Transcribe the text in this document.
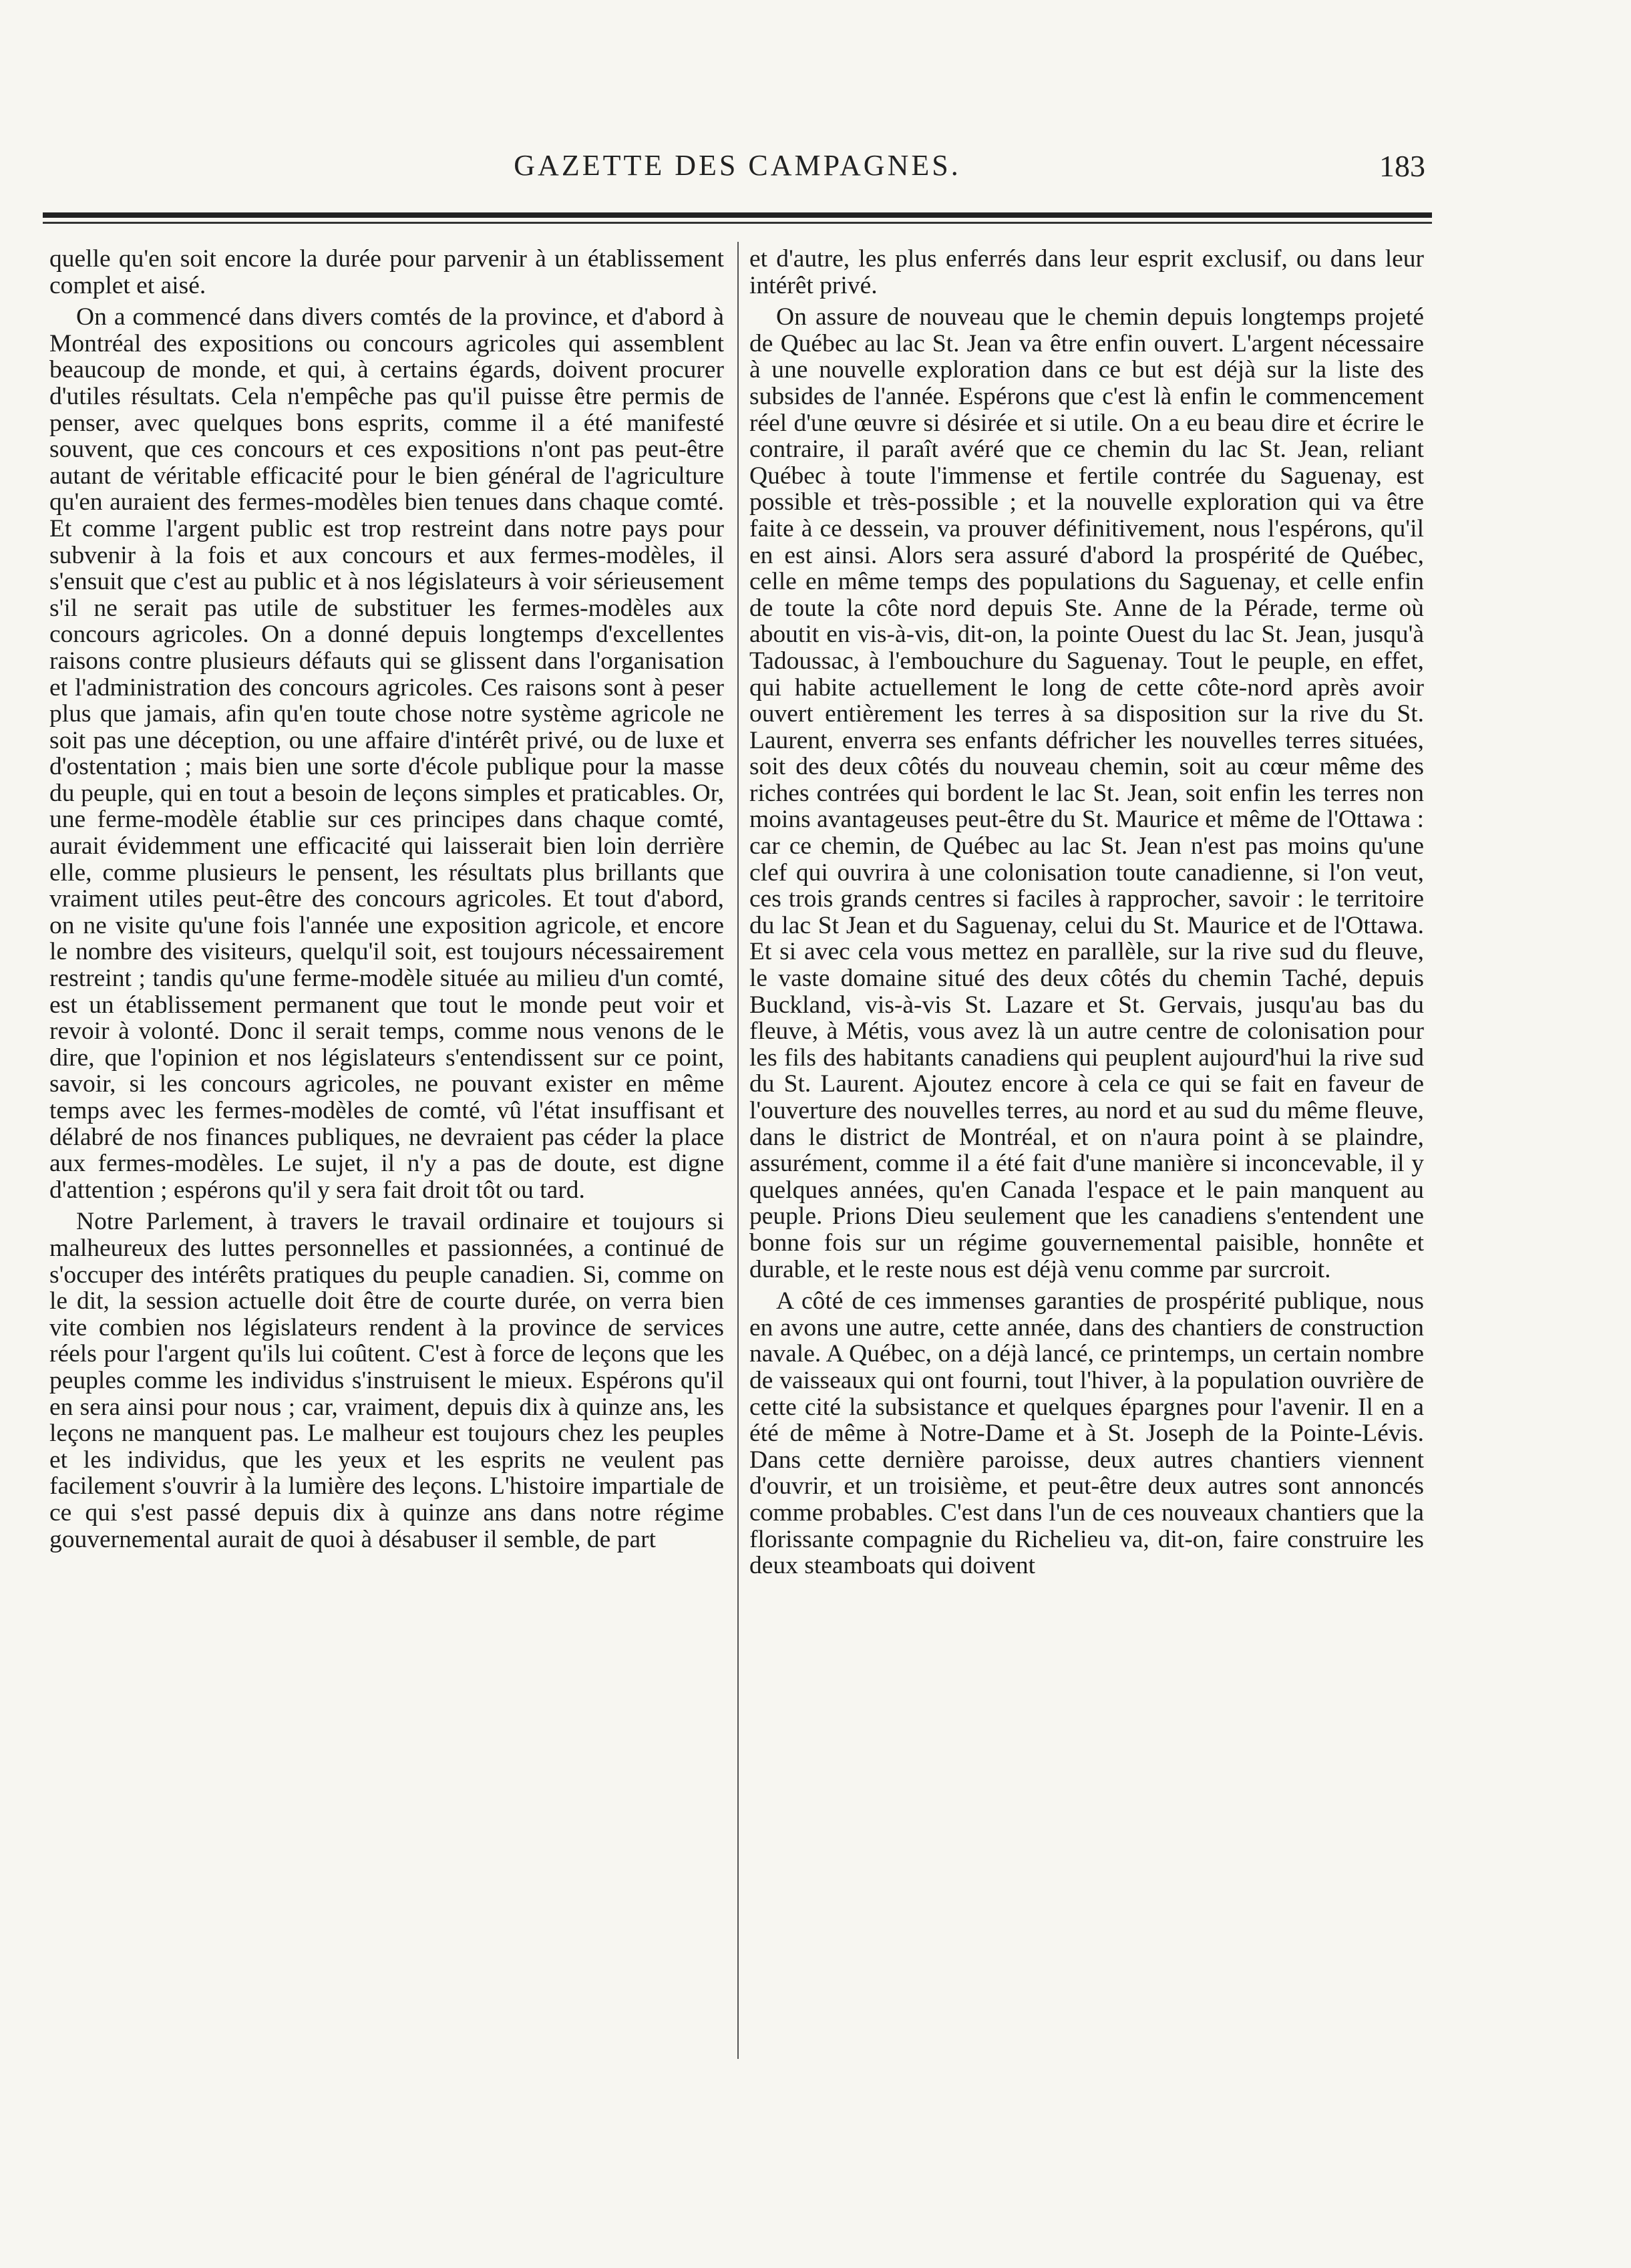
GAZETTE DES CAMPAGNES.	183

quelle qu'en soit encore la durée pour parvenir à un établissement complet et aisé.

On a commencé dans divers comtés de la province, et d'abord à Montréal des expositions ou concours agricoles qui assemblent beaucoup de monde, et qui, à certains égards, doivent procurer d'utiles résultats. Cela n'empêche pas qu'il puisse être permis de penser, avec quelques bons esprits, comme il a été manifesté souvent, que ces concours et ces expositions n'ont pas peut-être autant de véritable efficacité pour le bien général de l'agriculture qu'en auraient des fermes-modèles bien tenues dans chaque comté. Et comme l'argent public est trop restreint dans notre pays pour subvenir à la fois et aux concours et aux fermes-modèles, il s'ensuit que c'est au public et à nos législateurs à voir sérieusement s'il ne serait pas utile de substituer les fermes-modèles aux concours agricoles. On a donné depuis longtemps d'excellentes raisons contre plusieurs défauts qui se glissent dans l'organisation et l'administration des concours agricoles. Ces raisons sont à peser plus que jamais, afin qu'en toute chose notre système agricole ne soit pas une déception, ou une affaire d'intérêt privé, ou de luxe et d'ostentation ; mais bien une sorte d'école publique pour la masse du peuple, qui en tout a besoin de leçons simples et praticables. Or, une ferme-modèle établie sur ces principes dans chaque comté, aurait évidemment une efficacité qui laisserait bien loin derrière elle, comme plusieurs le pensent, les résultats plus brillants que vraiment utiles peut-être des concours agricoles. Et tout d'abord, on ne visite qu'une fois l'année une exposition agricole, et encore le nombre des visiteurs, quelqu'il soit, est toujours nécessairement restreint ; tandis qu'une ferme-modèle située au milieu d'un comté, est un établissement permanent que tout le monde peut voir et revoir à volonté. Donc il serait temps, comme nous venons de le dire, que l'opinion et nos législateurs s'entendissent sur ce point, savoir, si les concours agricoles, ne pouvant exister en même temps avec les fermes-modèles de comté, vû l'état insuffisant et délabré de nos finances publiques, ne devraient pas céder la place aux fermes-modèles. Le sujet, il n'y a pas de doute, est digne d'attention ; espérons qu'il y sera fait droit tôt ou tard.

Notre Parlement, à travers le travail ordinaire et toujours si malheureux des luttes personnelles et passionnées, a continué de s'occuper des intérêts pratiques du peuple canadien. Si, comme on le dit, la session actuelle doit être de courte durée, on verra bien vite combien nos législateurs rendent à la province de services réels pour l'argent qu'ils lui coûtent. C'est à force de leçons que les peuples comme les individus s'instruisent le mieux. Espérons qu'il en sera ainsi pour nous ; car, vraiment, depuis dix à quinze ans, les leçons ne manquent pas. Le malheur est toujours chez les peuples et les individus, que les yeux et les esprits ne veulent pas facilement s'ouvrir à la lumière des leçons. L'histoire impartiale de ce qui s'est passé depuis dix à quinze ans dans notre régime gouvernemental aurait de quoi à désabuser il semble, de part

et d'autre, les plus enferrés dans leur esprit exclusif, ou dans leur intérêt privé.

On assure de nouveau que le chemin depuis longtemps projeté de Québec au lac St. Jean va être enfin ouvert. L'argent nécessaire à une nouvelle exploration dans ce but est déjà sur la liste des subsides de l'année. Espérons que c'est là enfin le commencement réel d'une œuvre si désirée et si utile. On a eu beau dire et écrire le contraire, il paraît avéré que ce chemin du lac St. Jean, reliant Québec à toute l'immense et fertile contrée du Saguenay, est possible et très-possible ; et la nouvelle exploration qui va être faite à ce dessein, va prouver définitivement, nous l'espérons, qu'il en est ainsi. Alors sera assuré d'abord la prospérité de Québec, celle en même temps des populations du Saguenay, et celle enfin de toute la côte nord depuis Ste. Anne de la Pérade, terme où aboutit en vis-à-vis, dit-on, la pointe Ouest du lac St. Jean, jusqu'à Tadoussac, à l'embouchure du Saguenay. Tout le peuple, en effet, qui habite actuellement le long de cette côte-nord après avoir ouvert entièrement les terres à sa disposition sur la rive du St. Laurent, enverra ses enfants défricher les nouvelles terres situées, soit des deux côtés du nouveau chemin, soit au cœur même des riches contrées qui bordent le lac St. Jean, soit enfin les terres non moins avantageuses peut-être du St. Maurice et même de l'Ottawa : car ce chemin, de Québec au lac St. Jean n'est pas moins qu'une clef qui ouvrira à une colonisation toute canadienne, si l'on veut, ces trois grands centres si faciles à rapprocher, savoir : le territoire du lac St Jean et du Saguenay, celui du St. Maurice et de l'Ottawa. Et si avec cela vous mettez en parallèle, sur la rive sud du fleuve, le vaste domaine situé des deux côtés du chemin Taché, depuis Buckland, vis-à-vis St. Lazare et St. Gervais, jusqu'au bas du fleuve, à Métis, vous avez là un autre centre de colonisation pour les fils des habitants canadiens qui peuplent aujourd'hui la rive sud du St. Laurent. Ajoutez encore à cela ce qui se fait en faveur de l'ouverture des nouvelles terres, au nord et au sud du même fleuve, dans le district de Montréal, et on n'aura point à se plaindre, assurément, comme il a été fait d'une manière si inconcevable, il y quelques années, qu'en Canada l'espace et le pain manquent au peuple. Prions Dieu seulement que les canadiens s'entendent une bonne fois sur un régime gouvernemental paisible, honnête et durable, et le reste nous est déjà venu comme par surcroit.

A côté de ces immenses garanties de prospérité publique, nous en avons une autre, cette année, dans des chantiers de construction navale. A Québec, on a déjà lancé, ce printemps, un certain nombre de vaisseaux qui ont fourni, tout l'hiver, à la population ouvrière de cette cité la subsistance et quelques épargnes pour l'avenir. Il en a été de même à Notre-Dame et à St. Joseph de la Pointe-Lévis. Dans cette dernière paroisse, deux autres chantiers viennent d'ouvrir, et un troisième, et peut-être deux autres sont annoncés comme probables. C'est dans l'un de ces nouveaux chantiers que la florissante compagnie du Richelieu va, dit-on, faire construire les deux steamboats qui doivent
